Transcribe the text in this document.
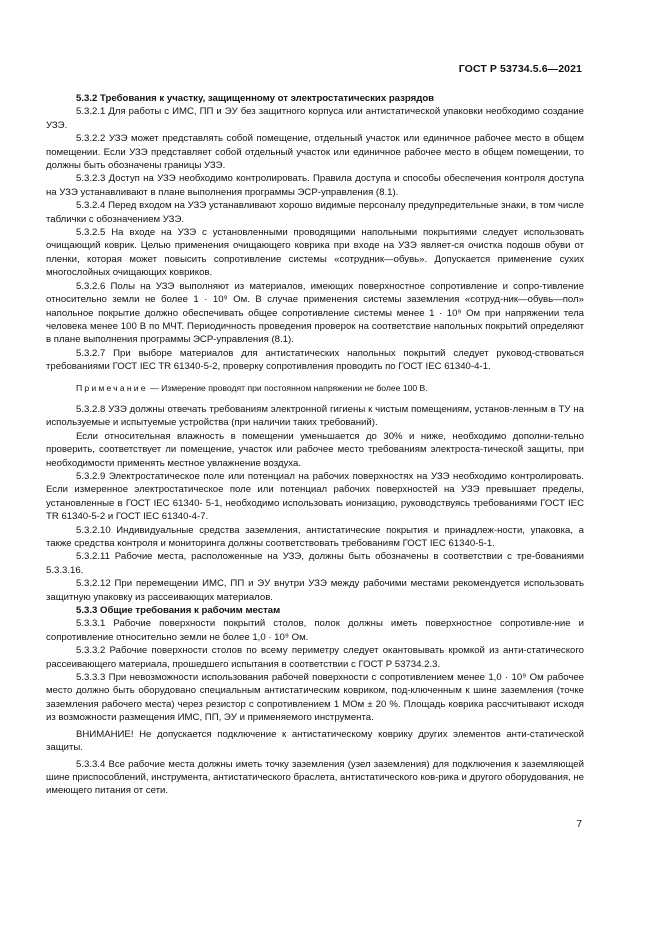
ГОСТ Р 53734.5.6—2021

5.3.2 Требования к участку, защищенному от электростатических разрядов

5.3.2.1 Для работы с ИМС, ПП и ЭУ без защитного корпуса или антистатической упаковки необходимо создание УЗЭ.

5.3.2.2 УЗЭ может представлять собой помещение, отдельный участок или единичное рабочее место в общем помещении. Если УЗЭ представляет собой отдельный участок или единичное рабочее место в общем помещении, то должны быть обозначены границы УЗЭ.

5.3.2.3 Доступ на УЗЭ необходимо контролировать. Правила доступа и способы обеспечения контроля доступа на УЗЭ устанавливают в плане выполнения программы ЭСР-управления (8.1).

5.3.2.4 Перед входом на УЗЭ устанавливают хорошо видимые персоналу предупредительные знаки, в том числе таблички с обозначением УЗЭ.

5.3.2.5 На входе на УЗЭ с установленными проводящими напольными покрытиями следует использовать очищающий коврик. Целью применения очищающего коврика при входе на УЗЭ являет-ся очистка подошв обуви от пленки, которая может повысить сопротивление системы «сотрудник—обувь». Допускается применение сухих многослойных очищающих ковриков.

5.3.2.6 Полы на УЗЭ выполняют из материалов, имеющих поверхностное сопротивление и сопро-тивление относительно земли не более 1 · 10⁹ Ом. В случае применения системы заземления «сотруд-ник—обувь—пол» напольное покрытие должно обеспечивать общее сопротивление системы менее 1 · 10⁹ Ом при напряжении тела человека менее 100 В по МЧТ. Периодичность проведения проверок на соответствие напольных покрытий определяют в плане выполнения программы ЭСР-управления (8.1).

5.3.2.7 При выборе материалов для антистатических напольных покрытий следует руковод-ствоваться требованиями ГОСТ IEC TR 61340-5-2, проверку сопротивления проводить по ГОСТ IEC 61340-4-1.

Примечание — Измерение проводят при постоянном напряжении не более 100 В.

5.3.2.8 УЗЭ должны отвечать требованиям электронной гигиены к чистым помещениям, установ-ленным в ТУ на используемые и испытуемые устройства (при наличии таких требований).

Если относительная влажность в помещении уменьшается до 30% и ниже, необходимо дополни-тельно проверить, соответствует ли помещение, участок или рабочее место требованиям электроста-тической защиты, при необходимости применять местное увлажнение воздуха.

5.3.2.9 Электростатическое поле или потенциал на рабочих поверхностях на УЗЭ необходимо контролировать. Если измеренное электростатическое поле или потенциал рабочих поверхностей на УЗЭ превышает пределы, установленные в ГОСТ IEC 61340- 5-1, необходимо использовать ионизацию, руководствуясь требованиями ГОСТ IEC TR 61340-5-2 и ГОСТ IEC 61340-4-7.

5.3.2.10 Индивидуальные средства заземления, антистатические покрытия и принадлеж-ности, упаковка, а также средства контроля и мониторинга должны соответствовать требованиям ГОСТ IEC 61340-5-1.

5.3.2.11 Рабочие места, расположенные на УЗЭ, должны быть обозначены в соответствии с тре-бованиями 5.3.3.16.

5.3.2.12 При перемещении ИМС, ПП и ЭУ внутри УЗЭ между рабочими местами рекомендуется использовать защитную упаковку из рассеивающих материалов.

5.3.3 Общие требования к рабочим местам

5.3.3.1 Рабочие поверхности покрытий столов, полок должны иметь поверхностное сопротивле-ние и сопротивление относительно земли не более 1,0 · 10⁹ Ом.

5.3.3.2 Рабочие поверхности столов по всему периметру следует окантовывать кромкой из анти-статического рассеивающего материала, прошедшего испытания в соответствии с ГОСТ Р 53734.2.3.

5.3.3.3 При невозможности использования рабочей поверхности с сопротивлением менее 1,0 · 10⁹ Ом рабочее место должно быть оборудовано специальным антистатическим ковриком, под-ключенным к шине заземления (точке заземления рабочего места) через резистор с сопротивлением 1 МОм ± 20 %. Площадь коврика рассчитывают исходя из возможности размещения ИМС, ПП, ЭУ и применяемого инструмента.

ВНИМАНИЕ! Не допускается подключение к антистатическому коврику других элементов анти-статической защиты.

5.3.3.4 Все рабочие места должны иметь точку заземления (узел заземления) для подключения к заземляющей шине приспособлений, инструмента, антистатического браслета, антистатического ков-рика и другого оборудования, не имеющего питания от сети.

7
